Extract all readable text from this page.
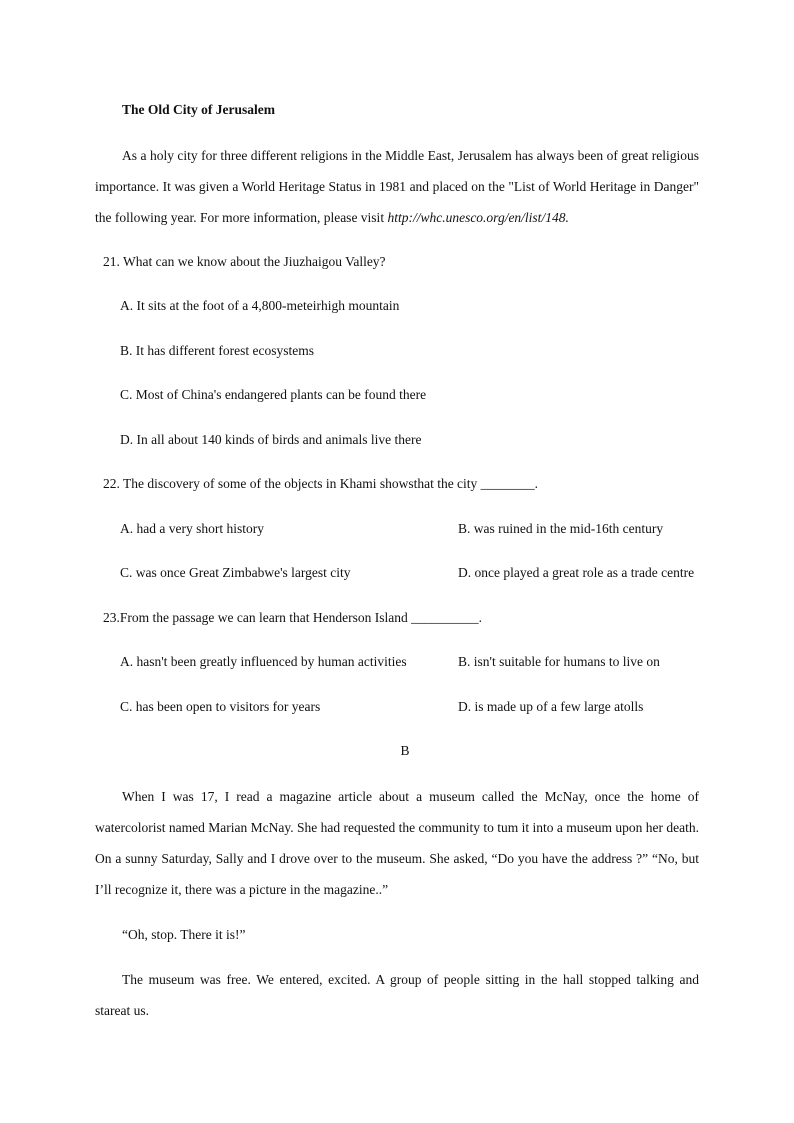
The Old City of Jerusalem
As a holy city for three different religions in the Middle East, Jerusalem has always been of great religious importance. It was given a World Heritage Status in 1981 and placed on the "List of World Heritage in Danger" the following year. For more information, please visit http://whc.unesco.org/en/list/148.
21. What can we know about the Jiuzhaigou Valley?
A. It sits at the foot of a 4,800-meteirhigh mountain
B. It has different forest ecosystems
C. Most of China's endangered plants can be found there
D. In all about 140 kinds of birds and animals live there
22. The discovery of some of the objects in Khami showsthat the city ________.
A. had a very short history	B. was ruined in the mid-16th century
C. was once Great Zimbabwe's largest city	D. once played a great role as a trade centre
23.From the passage we can learn that Henderson Island __________.
A. hasn't been greatly influenced by human activities	B. isn't suitable for humans to live on
C. has been open to visitors for years	D. is made up of a few large atolls
B
When I was 17, I read a magazine article about a museum called the McNay, once the home of watercolorist named Marian McNay. She had requested the community to tum it into a museum upon her death. On a sunny Saturday, Sally and I drove over to the museum. She asked, “Do you have the address ?” “No, but I’ll recognize it, there was a picture in the magazine..”
“Oh, stop. There it is!”
The museum was free. We entered, excited. A group of people sitting in the hall stopped talking and stareat us.
